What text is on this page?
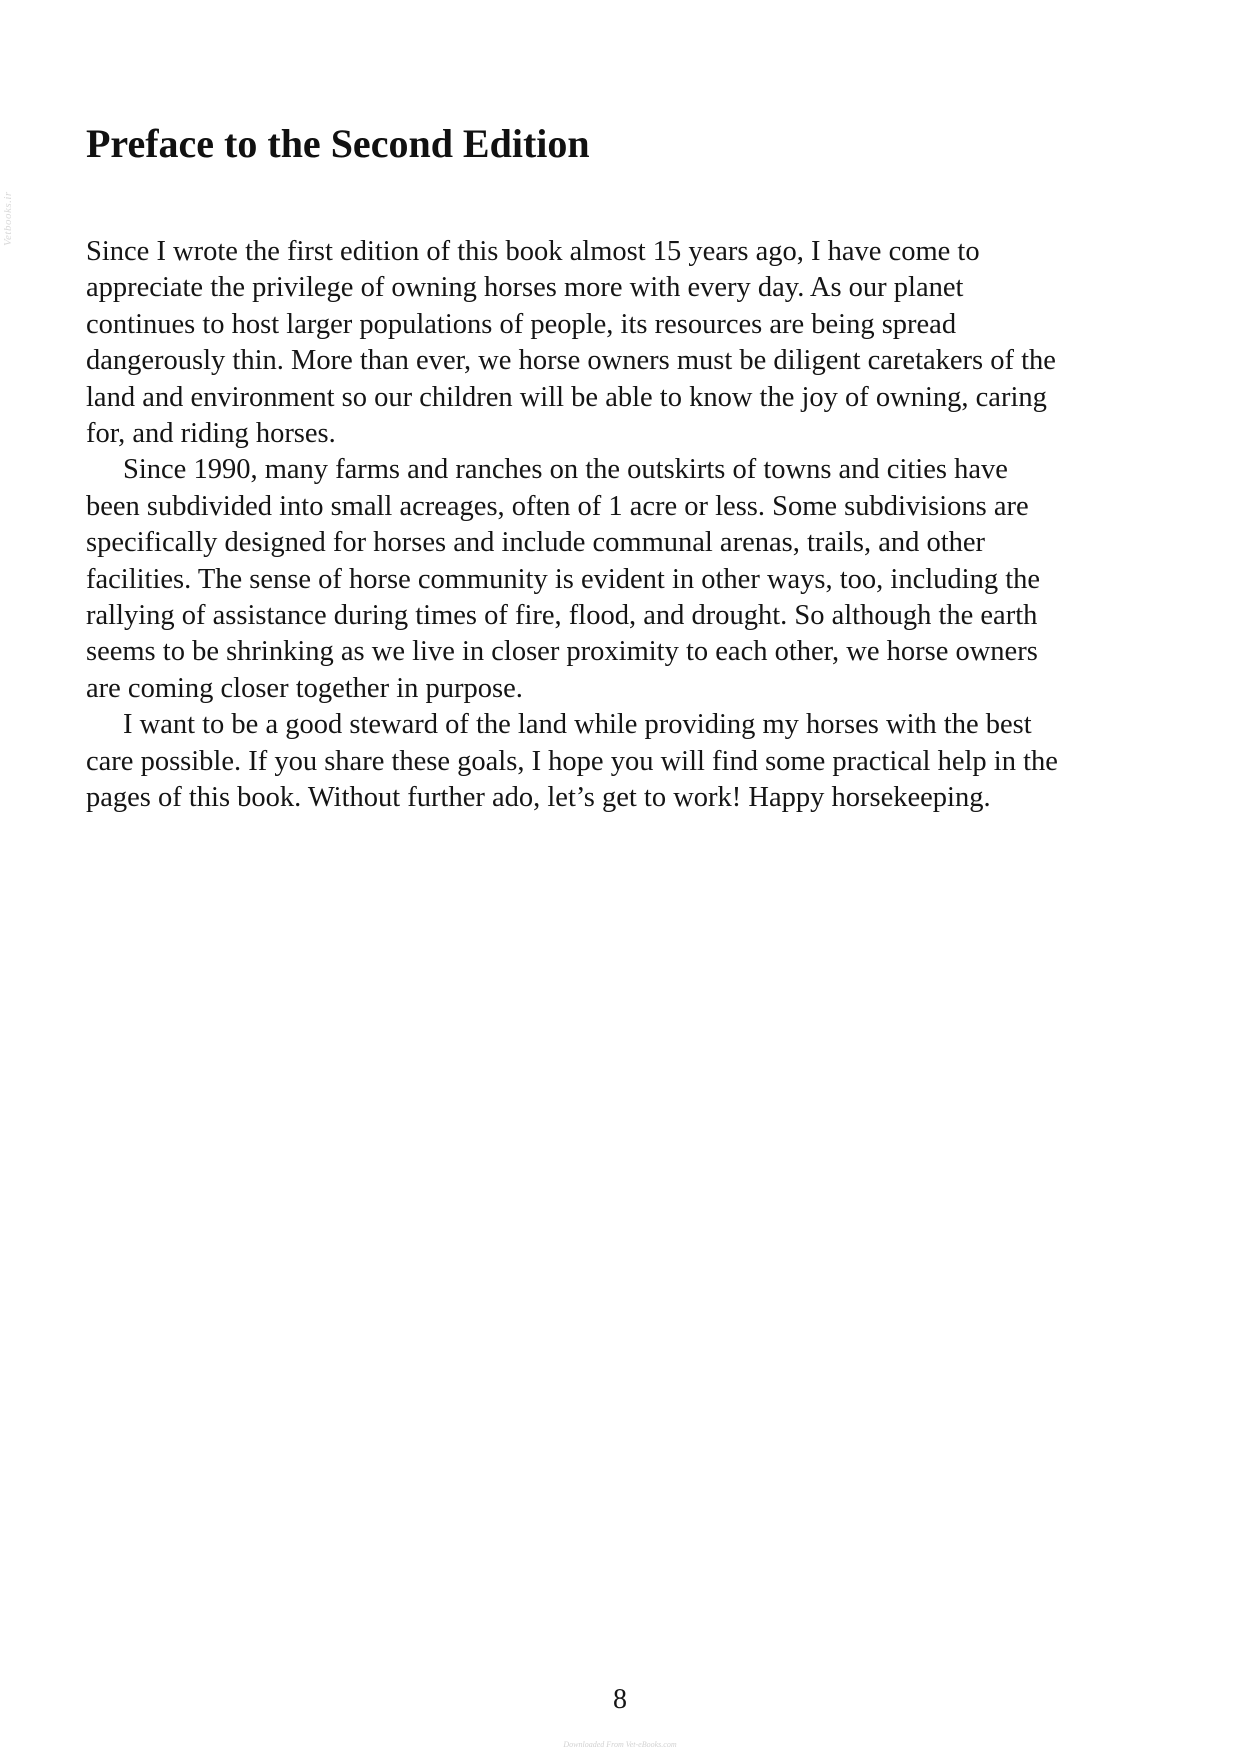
Vetbooks.ir
Preface to the Second Edition

Since I wrote the first edition of this book almost 15 years ago, I have come to
appreciate the privilege of owning horses more with every day. As our planet
continues to host larger populations of people, its resources are being spread
dangerously thin. More than ever, we horse owners must be diligent caretakers of the
land and environment so our children will be able to know the joy of owning, caring
for, and riding horses.

Since 1990, many farms and ranches on the outskirts of towns and cities have
been subdivided into small acreages, often of 1 acre or less. Some subdivisions are
specifically designed for horses and include communal arenas, trails, and other
facilities. The sense of horse community is evident in other ways, too, including the
rallying of assistance during times of fire, flood, and drought. So although the earth
seems to be shrinking as we live in closer proximity to each other, we horse owners
are coming closer together in purpose.

I want to be a good steward of the land while providing my horses with the best
care possible. If you share these goals, I hope you will find some practical help in the
pages of this book. Without further ado, let’s get to work! Happy horsekeeping.

8
Downloaded From Vet-eBooks.com
